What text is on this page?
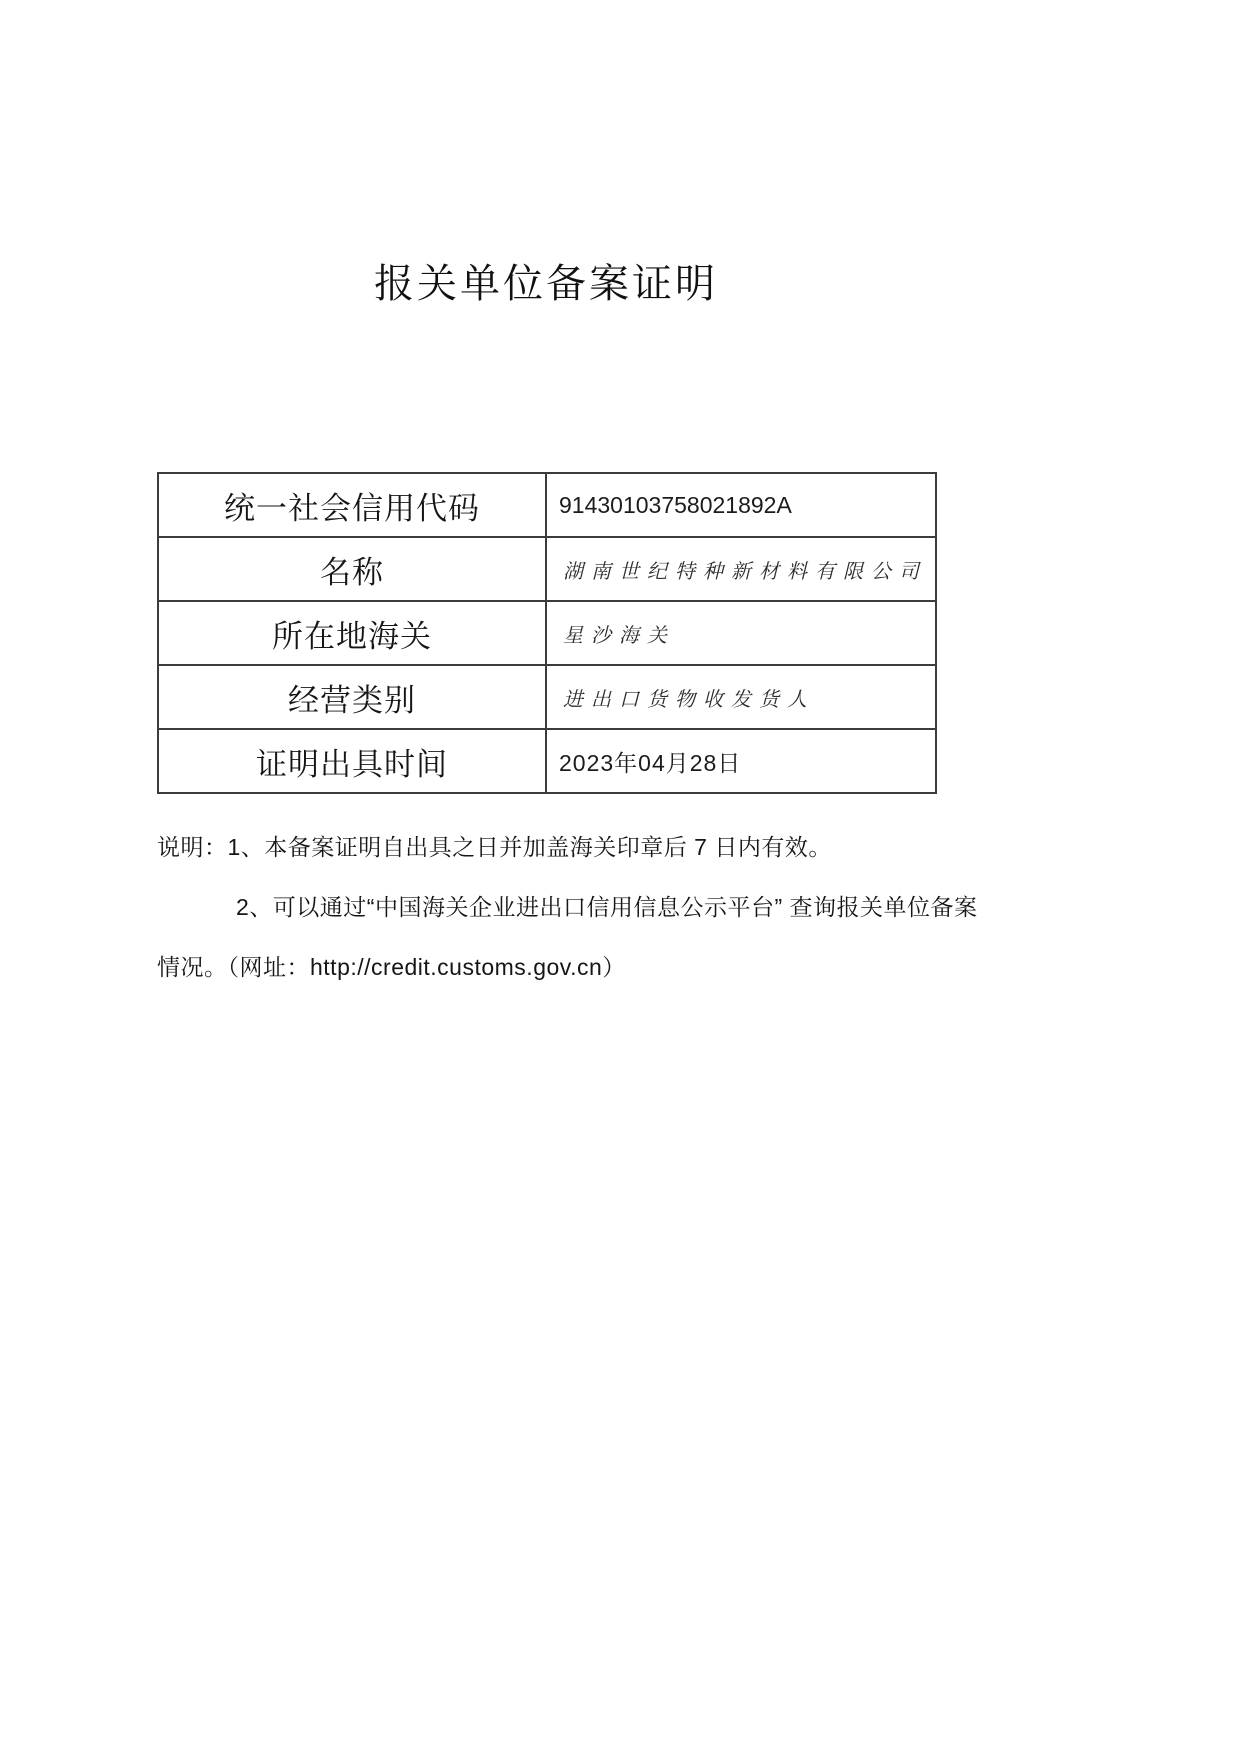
报关单位备案证明
统一社会信用代码	91430103758021892A
名称	湖南世纪特种新材料有限公司
所在地海关	星沙海关
经营类别	进出口货物收发货人
证明出具时间	2023年04月28日
说明：1、本备案证明自出具之日并加盖海关印章后 7 日内有效。
2、可以通过“中国海关企业进出口信用信息公示平台” 查询报关单位备案
情况。（网址：http://credit.customs.gov.cn）
